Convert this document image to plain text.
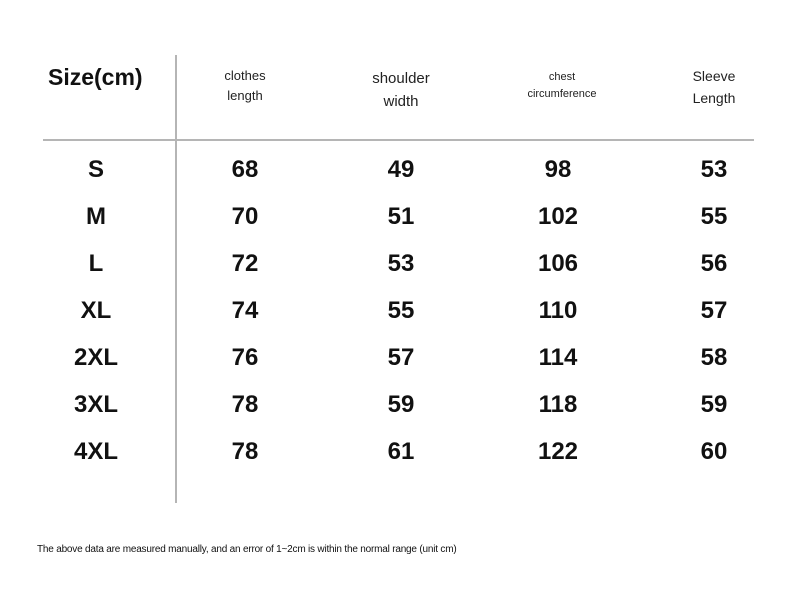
Size(cm)	clothes
length
shoulder
width
chest
circumference
Sleeve
Length
S
M
L
XL
2XL
3XL
4XL
68
70
72
74
76
78
78
49
51
53
55
57
59
61
98
102
106
110
114
118
122
53
55
56
57
58
59
60
The above data are measured manually, and an error of 1~2cm is within the normal range (unit cm)
